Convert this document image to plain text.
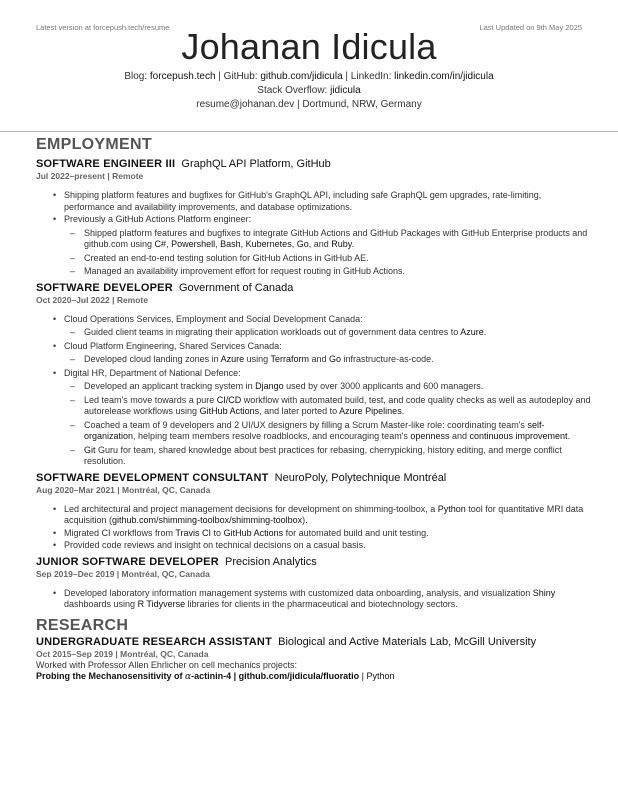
Latest version at forcepush.tech/resume	Last Updated on 9th May 2025
Johanan Idicula
Blog: forcepush.tech | GitHub: github.com/jidicula | LinkedIn: linkedin.com/in/jidicula
Stack Overflow: jidicula
resume@johanan.dev | Dortmund, NRW, Germany
EMPLOYMENT
SOFTWARE ENGINEER III GraphQL API Platform, GitHub
Jul 2022–present | Remote
• Shipping platform features and bugfixes for GitHub's GraphQL API, including safe GraphQL gem upgrades, rate-limiting, performance and availability improvements, and database optimizations.
• Previously a GitHub Actions Platform engineer:
– Shipped platform features and bugfixes to integrate GitHub Actions and GitHub Packages with GitHub Enterprise products and github.com using C#, Powershell, Bash, Kubernetes, Go, and Ruby.
– Created an end-to-end testing solution for GitHub Actions in GitHub AE.
– Managed an availability improvement effort for request routing in GitHub Actions.
SOFTWARE DEVELOPER Government of Canada
Oct 2020–Jul 2022 | Remote
• Cloud Operations Services, Employment and Social Development Canada:
– Guided client teams in migrating their application workloads out of government data centres to Azure.
• Cloud Platform Engineering, Shared Services Canada:
– Developed cloud landing zones in Azure using Terraform and Go infrastructure-as-code.
• Digital HR, Department of National Defence:
– Developed an applicant tracking system in Django used by over 3000 applicants and 600 managers.
– Led team's move towards a pure CI/CD workflow with automated build, test, and code quality checks as well as autodeploy and autorelease workflows using GitHub Actions, and later ported to Azure Pipelines.
– Coached a team of 9 developers and 2 UI/UX designers by filling a Scrum Master-like role: coordinating team's self-organization, helping team members resolve roadblocks, and encouraging team's openness and continuous improvement.
– Git Guru for team, shared knowledge about best practices for rebasing, cherrypicking, history editing, and merge conflict resolution.
SOFTWARE DEVELOPMENT CONSULTANT NeuroPoly, Polytechnique Montréal
Aug 2020–Mar 2021 | Montréal, QC, Canada
• Led architectural and project management decisions for development on shimming-toolbox, a Python tool for quantitative MRI data acquisition (github.com/shimming-toolbox/shimming-toolbox).
• Migrated CI workflows from Travis CI to GitHub Actions for automated build and unit testing.
• Provided code reviews and insight on technical decisions on a casual basis.
JUNIOR SOFTWARE DEVELOPER Precision Analytics
Sep 2019–Dec 2019 | Montréal, QC, Canada
• Developed laboratory information management systems with customized data onboarding, analysis, and visualization Shiny dashboards using R Tidyverse libraries for clients in the pharmaceutical and biotechnology sectors.
RESEARCH
UNDERGRADUATE RESEARCH ASSISTANT Biological and Active Materials Lab, McGill University
Oct 2015–Sep 2019 | Montréal, QC, Canada
Worked with Professor Allen Ehrlicher on cell mechanics projects:
Probing the Mechanosensitivity of α-actinin-4 | github.com/jidicula/fluoratio | Python
